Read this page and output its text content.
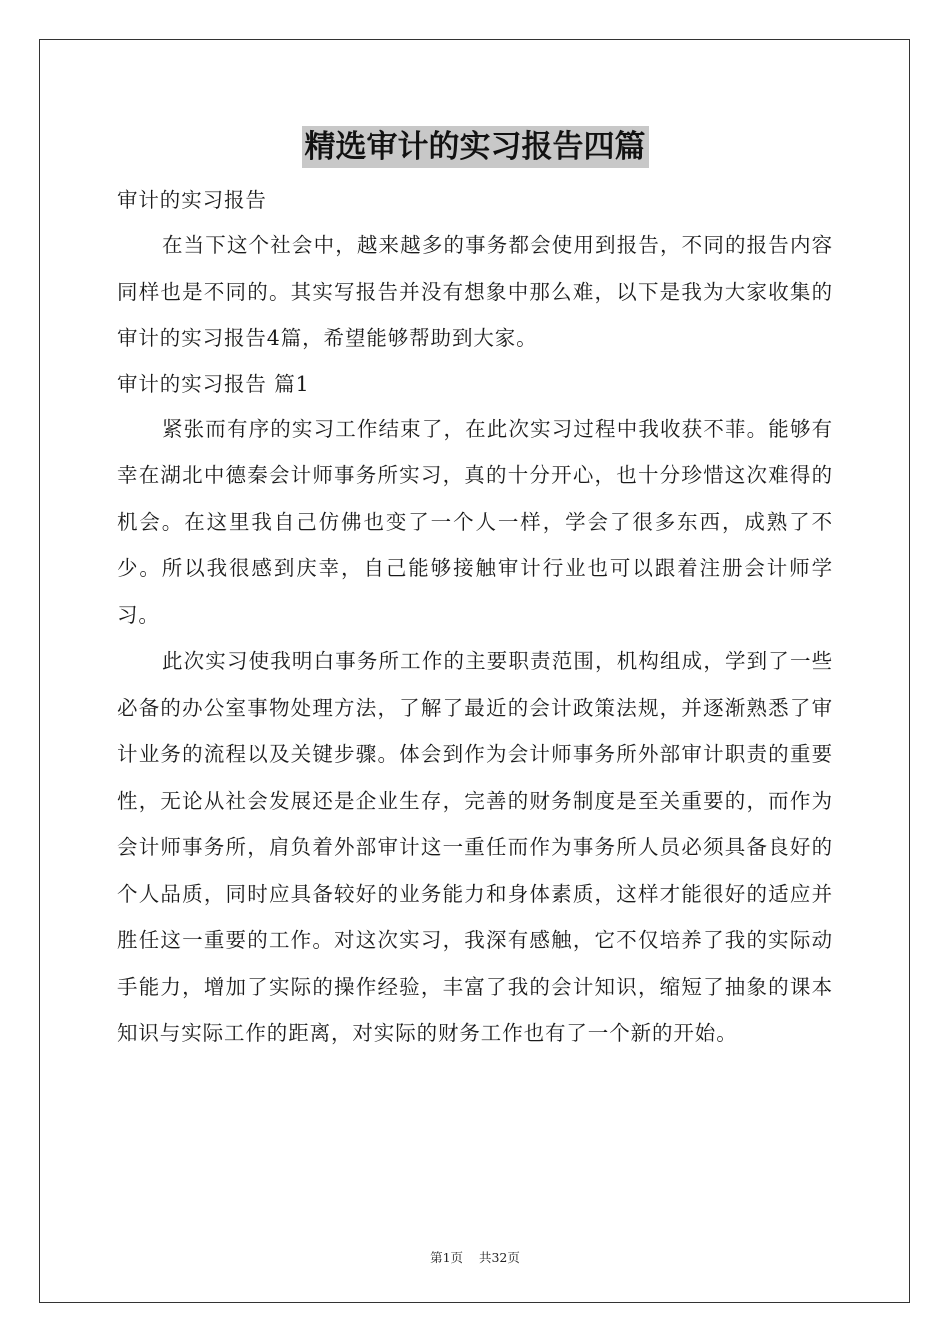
精选审计的实习报告四篇

审计的实习报告

在当下这个社会中，越来越多的事务都会使用到报告，不同的报告内容同样也是不同的。其实写报告并没有想象中那么难，以下是我为大家收集的审计的实习报告4篇，希望能够帮助到大家。

审计的实习报告 篇1

紧张而有序的实习工作结束了，在此次实习过程中我收获不菲。能够有幸在湖北中德秦会计师事务所实习，真的十分开心，也十分珍惜这次难得的机会。在这里我自己仿佛也变了一个人一样，学会了很多东西，成熟了不少。所以我很感到庆幸，自己能够接触审计行业也可以跟着注册会计师学习。

此次实习使我明白事务所工作的主要职责范围，机构组成，学到了一些必备的办公室事物处理方法，了解了最近的会计政策法规，并逐渐熟悉了审计业务的流程以及关键步骤。体会到作为会计师事务所外部审计职责的重要性，无论从社会发展还是企业生存，完善的财务制度是至关重要的，而作为会计师事务所，肩负着外部审计这一重任而作为事务所人员必须具备良好的个人品质，同时应具备较好的业务能力和身体素质，这样才能很好的适应并胜任这一重要的工作。对这次实习，我深有感触，它不仅培养了我的实际动手能力，增加了实际的操作经验，丰富了我的会计知识，缩短了抽象的课本知识与实际工作的距离，对实际的财务工作也有了一个新的开始。

第1页 共32页
